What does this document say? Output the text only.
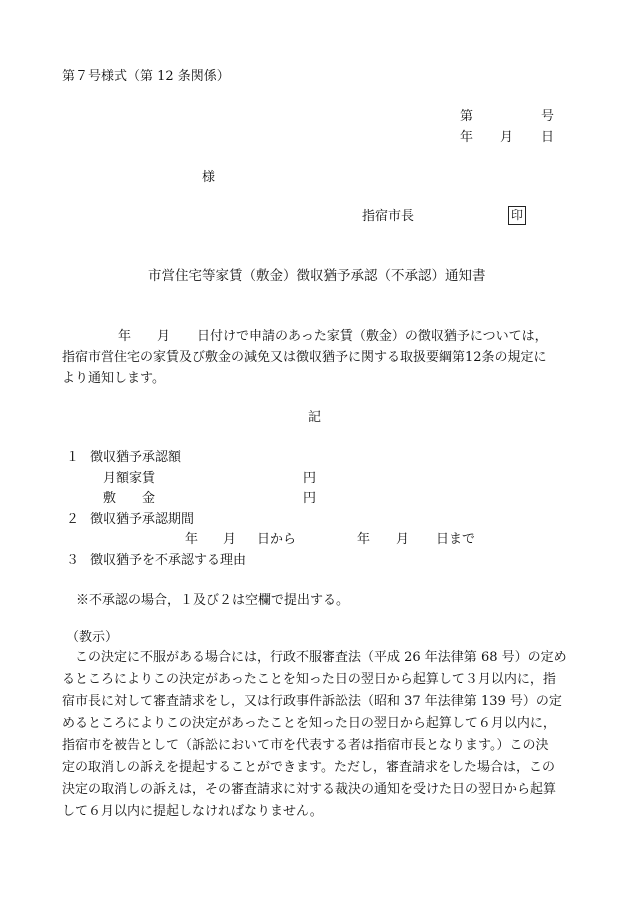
第７号様式（第 12 条関係）
第	号
年 月 日
様
指宿市長	印
市営住宅等家賃（敷金）徴収猶予承認（不承認）通知書
年 月 日付けで申請のあった家賃（敷金）の徴収猶予については，
指宿市営住宅の家賃及び敷金の減免又は徴収猶予に関する取扱要綱第12条の規定に
より通知します。
記
１ 徴収猶予承認額
月額家賃	円
敷　　金	円
２ 徴収猶予承認期間
年 月 日から	年 月 日まで
３ 徴収猶予を不承認する理由
※不承認の場合，１及び２は空欄で提出する。
（教示）
この決定に不服がある場合には，行政不服審査法（平成 26 年法律第 68 号）の定め
るところによりこの決定があったことを知った日の翌日から起算して３月以内に，指
宿市長に対して審査請求をし，又は行政事件訴訟法（昭和 37 年法律第 139 号）の定
めるところによりこの決定があったことを知った日の翌日から起算して６月以内に，
指宿市を被告として（訴訟において市を代表する者は指宿市長となります。）この決
定の取消しの訴えを提起することができます。ただし，審査請求をした場合は，この
決定の取消しの訴えは，その審査請求に対する裁決の通知を受けた日の翌日から起算
して６月以内に提起しなければなりません。
